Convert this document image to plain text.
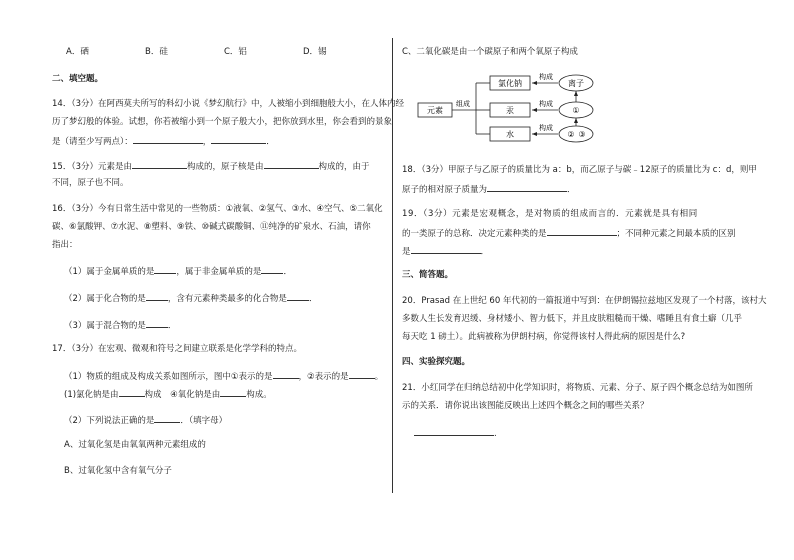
A．硒	B．硅	C．铝	D．锡
二、填空题。
14．（3分）在阿西莫夫所写的科幻小说《梦幻航行》中，人被缩小到细胞般大小，在人体内经
历了梦幻般的体验。试想，你若被缩小到一个原子般大小，把你放到水里，你会看到的景象
是（请至少写两点）：	，	．
15．（3分）元素是由	构成的，原子核是由	构成的，由于
不同，原子也不同。
16．（3分）今有日常生活中常见的一些物质：①液氧、②氢气、③水、④空气、⑤二氧化
碳、⑥氯酸钾、⑦水泥、⑧塑料、⑨铁、⑩碱式碳酸铜、⑪纯净的矿泉水、石油，请你
指出：
（1）属于金属单质的是	，属于非金属单质的是	．
（2）属于化合物的是	，含有元素种类最多的化合物是	．
（3）属于混合物的是	．
17．（3分）在宏观、微观和符号之间建立联系是化学学科的特点。
（1）物质的组成及构成关系如图所示，图中①表示的是	，②表示的是	。
(1)氯化钠是由	构成　 ④氧化钠是由	构成。
（2）下列说法正确的是	．（填字母）
A、过氧化氢是由氧氧两种元素组成的
B、过氧化氢中含有氧气分子
C、二氧化碳是由一个碳原子和两个氧原子构成
元素
组成
氯化钠
汞
水
构成
构成
构成
离子
①
② ③
18．（3分）甲原子与乙原子的质量比为 a：b，而乙原子与碳﹣12原子的质量比为 c：d，则甲
原子的相对原子质量为	．
19．（3分）元素是宏观概念，是对物质的组成而言的．元素就是具有相同
的一类原子的总称．决定元素种类的是	；不同种元素之间最本质的区别
是	．
三、简答题。
20．Prasad 在上世纪 60 年代初的一篇报道中写到：在伊朗锡拉兹地区发现了一个村落，该村大
多数人生长发育迟缓、身材矮小、智力低下，并且皮肤粗糙而干燥、嗜睡且有食土癖（几乎
每天吃 1 磅土）。此病被称为伊朗村病，你觉得该村人得此病的原因是什么?
四、实验探究题。
21．小红同学在归纳总结初中化学知识时，将物质、元素、分子、原子四个概念总结为如图所
示的关系．请你说出该图能反映出上述四个概念之间的哪些关系？
.
